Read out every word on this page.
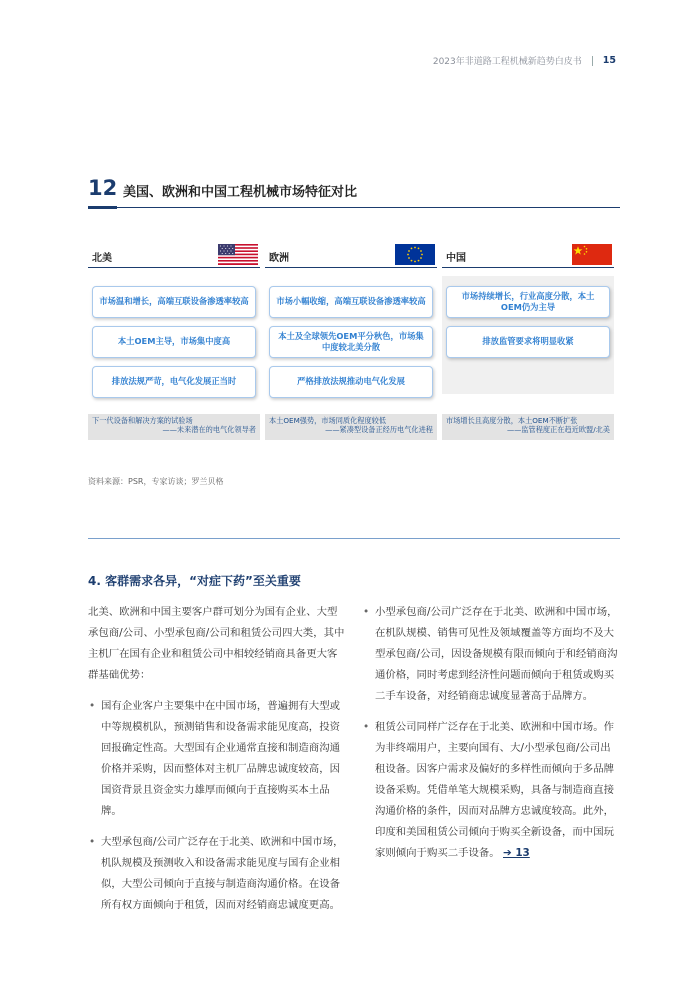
2023年非道路工程机械新趋势白皮书 15
12 美国、欧洲和中国工程机械市场特征对比
北美
市场温和增长，高端互联设备渗透率较高
本土OEM主导，市场集中度高
排放法规严苛，电气化发展正当时
下一代设备和解决方案的试验场
——未来潜在的电气化领导者
欧洲
市场小幅收缩，高端互联设备渗透率较高
本土及全球领先OEM平分秋色，市场集中度较北美分散
严格排放法规推动电气化发展
本土OEM强势，市场同质化程度较低
——紧凑型设备正经历电气化进程
中国
市场持续增长，行业高度分散，本土OEM仍为主导
排放监管要求将明显收紧
市场增长且高度分散，本土OEM不断扩张
——监管程度正在趋近欧盟/北美
资料来源：PSR，专家访谈；罗兰贝格
4. 客群需求各异，“对症下药”至关重要

北美、欧洲和中国主要客户群可划分为国有企业、大型承包商/公司、小型承包商/公司和租赁公司四大类，其中主机厂在国有企业和租赁公司中相较经销商具备更大客群基础优势：

• 国有企业客户主要集中在中国市场，普遍拥有大型或中等规模机队，预测销售和设备需求能见度高，投资回报确定性高。大型国有企业通常直接和制造商沟通价格并采购，因而整体对主机厂品牌忠诚度较高，因国资背景且资金实力雄厚而倾向于直接购买本土品牌。
• 大型承包商/公司广泛存在于北美、欧洲和中国市场，机队规模及预测收入和设备需求能见度与国有企业相似，大型公司倾向于直接与制造商沟通价格。在设备所有权方面倾向于租赁，因而对经销商忠诚度更高。
• 小型承包商/公司广泛存在于北美、欧洲和中国市场，在机队规模、销售可见性及领域覆盖等方面均不及大型承包商/公司，因设备规模有限而倾向于和经销商沟通价格，同时考虑到经济性问题而倾向于租赁或购买二手车设备，对经销商忠诚度显著高于品牌方。
• 租赁公司同样广泛存在于北美、欧洲和中国市场。作为非终端用户，主要向国有、大/小型承包商/公司出租设备。因客户需求及偏好的多样性而倾向于多品牌设备采购。凭借单笔大规模采购，具备与制造商直接沟通价格的条件，因而对品牌方忠诚度较高。此外，印度和美国租赁公司倾向于购买全新设备，而中国玩家则倾向于购买二手设备。 ➔ 13
